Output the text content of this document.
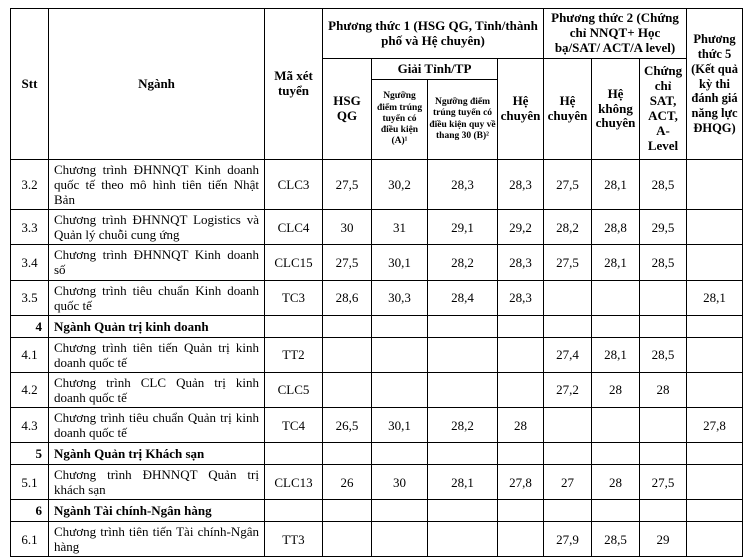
Stt	Ngành	Mã xét tuyển	Phương thức 1 (HSG QG, Tỉnh/thành phố và Hệ chuyên)				Phương thức 2 (Chứng chỉ NNQT+ Học bạ/SAT/ ACT/A level)			Phương thức 5 (Kết quả kỳ thi đánh giá năng lực ĐHQG)
			HSG QG	Giải Tỉnh/TP		Hệ chuyên	Hệ chuyên	Hệ không chuyên	Chứng chỉ SAT, ACT, A-Level	
				Ngưỡng điểm trúng tuyển có điều kiện (A)¹	Ngưỡng điểm trúng tuyển có điều kiện quy về thang 30 (B)²					
3.2	Chương trình ĐHNNQT Kinh doanh quốc tế theo mô hình tiên tiến Nhật Bản	CLC3	27,5	30,2	28,3	28,3	27,5	28,1	28,5	
3.3	Chương trình ĐHNNQT Logistics và Quản lý chuỗi cung ứng	CLC4	30	31	29,1	29,2	28,2	28,8	29,5	
3.4	Chương trình ĐHNNQT Kinh doanh số	CLC15	27,5	30,1	28,2	28,3	27,5	28,1	28,5	
3.5	Chương trình tiêu chuẩn Kinh doanh quốc tế	TC3	28,6	30,3	28,4	28,3				28,1
4	Ngành Quản trị kinh doanh									
4.1	Chương trình tiên tiến Quản trị kinh doanh quốc tế	TT2					27,4	28,1	28,5	
4.2	Chương trình CLC Quản trị kinh doanh quốc tế	CLC5					27,2	28	28	
4.3	Chương trình tiêu chuẩn Quản trị kinh doanh quốc tế	TC4	26,5	30,1	28,2	28				27,8
5	Ngành Quản trị Khách sạn									
5.1	Chương trình ĐHNNQT Quản trị khách sạn	CLC13	26	30	28,1	27,8	27	28	27,5	
6	Ngành Tài chính-Ngân hàng									
6.1	Chương trình tiên tiến Tài chính-Ngân hàng	TT3					27,9	28,5	29	
